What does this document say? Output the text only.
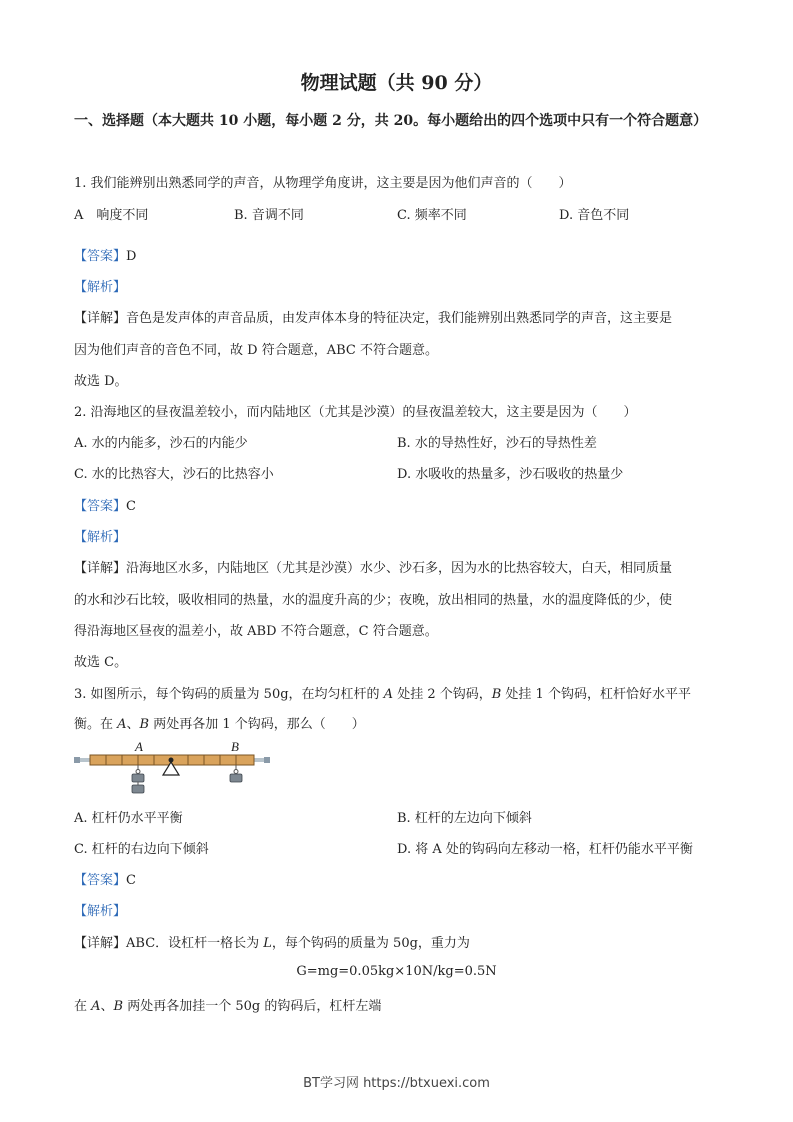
物理试题（共 90 分）
一、选择题（本大题共 10 小题，每小题 2 分，共 20。每小题给出的四个选项中只有一个符合题意）
1. 我们能辨别出熟悉同学的声音，从物理学角度讲，这主要是因为他们声音的（　　）
A　响度不同	B. 音调不同	C. 频率不同	D. 音色不同
【答案】D
【解析】
【详解】音色是发声体的声音品质，由发声体本身的特征决定，我们能辨别出熟悉同学的声音，这主要是
因为他们声音的音色不同，故 D 符合题意，ABC 不符合题意。
故选 D。
2. 沿海地区的昼夜温差较小，而内陆地区（尤其是沙漠）的昼夜温差较大，这主要是因为（　　）
A. 水的内能多，沙石的内能少	B. 水的导热性好，沙石的导热性差
C. 水的比热容大，沙石的比热容小	D. 水吸收的热量多，沙石吸收的热量少
【答案】C
【解析】
【详解】沿海地区水多，内陆地区（尤其是沙漠）水少、沙石多，因为水的比热容较大，白天，相同质量
的水和沙石比较，吸收相同的热量，水的温度升高的少；夜晚，放出相同的热量，水的温度降低的少，使
得沿海地区昼夜的温差小，故 ABD 不符合题意，C 符合题意。
故选 C。
3. 如图所示，每个钩码的质量为 50g，在均匀杠杆的 A 处挂 2 个钩码，B 处挂 1 个钩码，杠杆恰好水平平
衡。在 A、B 两处再各加 1 个钩码，那么（　　）
A	B
A. 杠杆仍水平平衡	B. 杠杆的左边向下倾斜
C. 杠杆的右边向下倾斜	D. 将 A 处的钩码向左移动一格，杠杆仍能水平平衡
【答案】C
【解析】
【详解】ABC．设杠杆一格长为 L，每个钩码的质量为 50g，重力为
G=mg=0.05kg×10N/kg=0.5N
在 A、B 两处再各加挂一个 50g 的钩码后，杠杆左端
BT学习网 https://btxuexi.com
